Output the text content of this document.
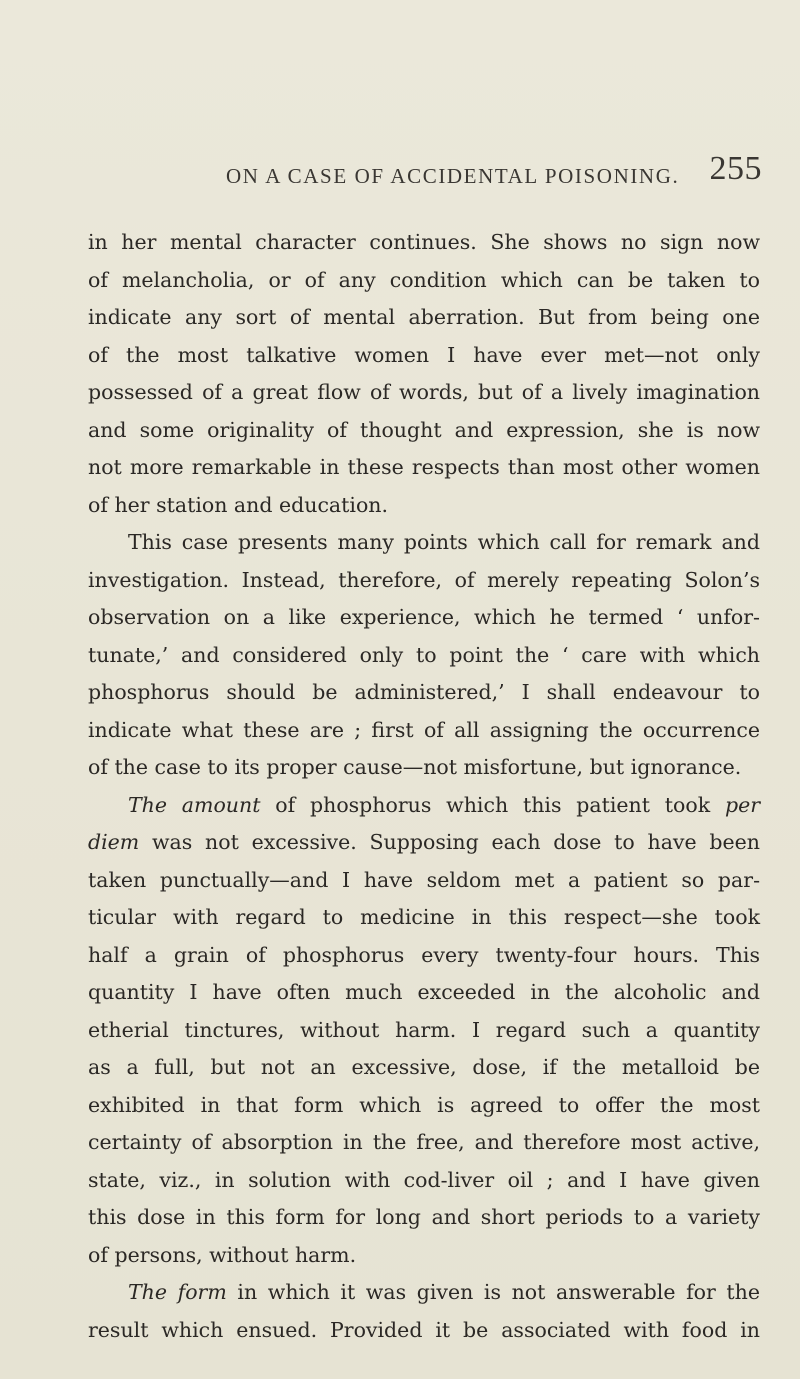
ON A CASE OF ACCIDENTAL POISONING. 255
in her mental character continues. She shows no sign now
of melancholia, or of any condition which can be taken to
indicate any sort of mental aberration. But from being one
of the most talkative women I have ever met—not only
possessed of a great flow of words, but of a lively imagination
and some originality of thought and expression, she is now
not more remarkable in these respects than most other women
of her station and education.
This case presents many points which call for remark and
investigation. Instead, therefore, of merely repeating Solon’s
observation on a like experience, which he termed ‘ unfor-
tunate,’ and considered only to point the ‘ care with which
phosphorus should be administered,’ I shall endeavour to
indicate what these are ; first of all assigning the occurrence
of the case to its proper cause—not misfortune, but ignorance.
The amount of phosphorus which this patient took per
diem was not excessive. Supposing each dose to have been
taken punctually—and I have seldom met a patient so par-
ticular with regard to medicine in this respect—she took
half a grain of phosphorus every twenty-four hours. This
quantity I have often much exceeded in the alcoholic and
etherial tinctures, without harm. I regard such a quantity
as a full, but not an excessive, dose, if the metalloid be
exhibited in that form which is agreed to offer the most
certainty of absorption in the free, and therefore most active,
state, viz., in solution with cod-liver oil ; and I have given
this dose in this form for long and short periods to a variety
of persons, without harm.
The form in which it was given is not answerable for the
result which ensued. Provided it be associated with food in
